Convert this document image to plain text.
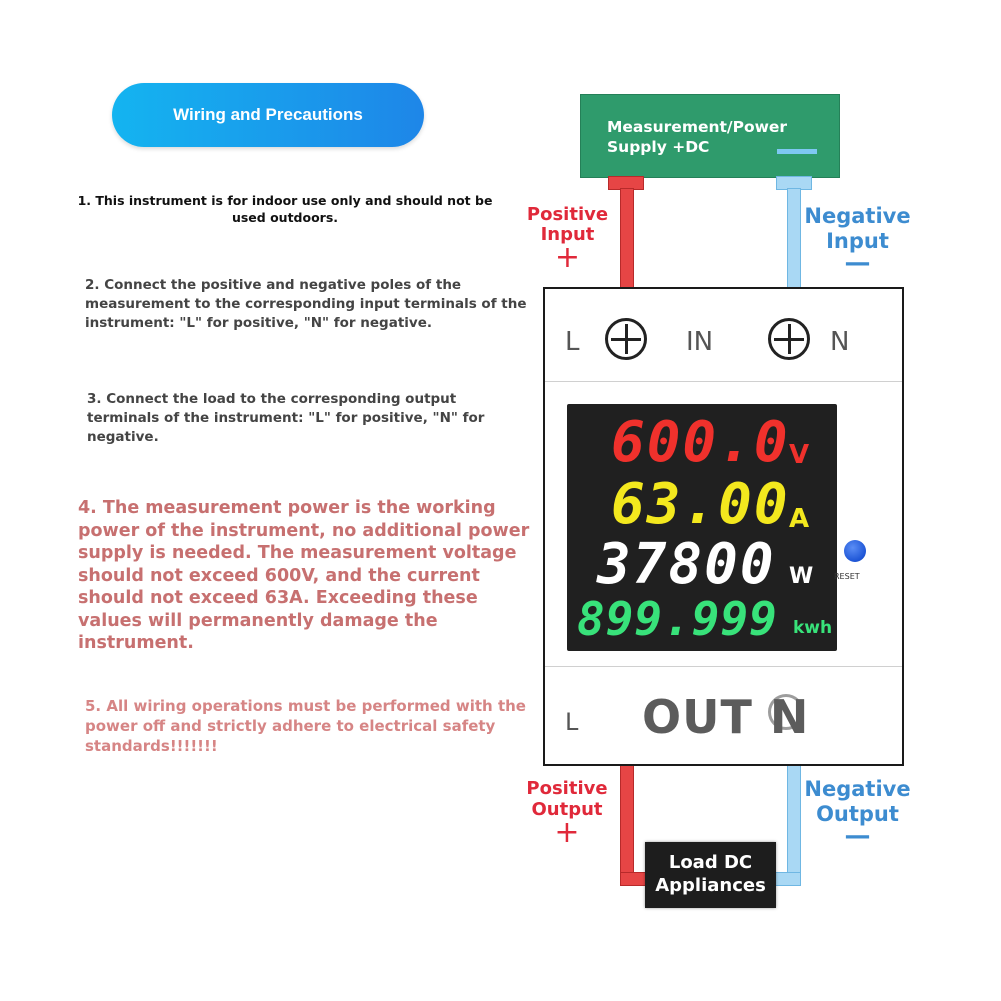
Wiring and Precautions
1. This instrument is for indoor use only and should not be used outdoors.
2. Connect the positive and negative poles of the measurement to the corresponding input terminals of the instrument: "L" for positive, "N" for negative.
3. Connect the load to the corresponding output terminals of the instrument: "L" for positive, "N" for negative.
4. The measurement power is the working power of the instrument, no additional power supply is needed. The measurement voltage should not exceed 600V, and the current should not exceed 63A. Exceeding these values will permanently damage the instrument.
5. All wiring operations must be performed with the power off and strictly adhere to electrical safety standards!!!!!!!
Measurement/Power Supply +DC
Positive
Input
+
Negative
Input
—
Positive
Output
+
Negative
Output
—
L	IN	N
600.0 V
63.00 A
37800 W
899.999 kwh
RESET
L OUT N
Load DC
Appliances
